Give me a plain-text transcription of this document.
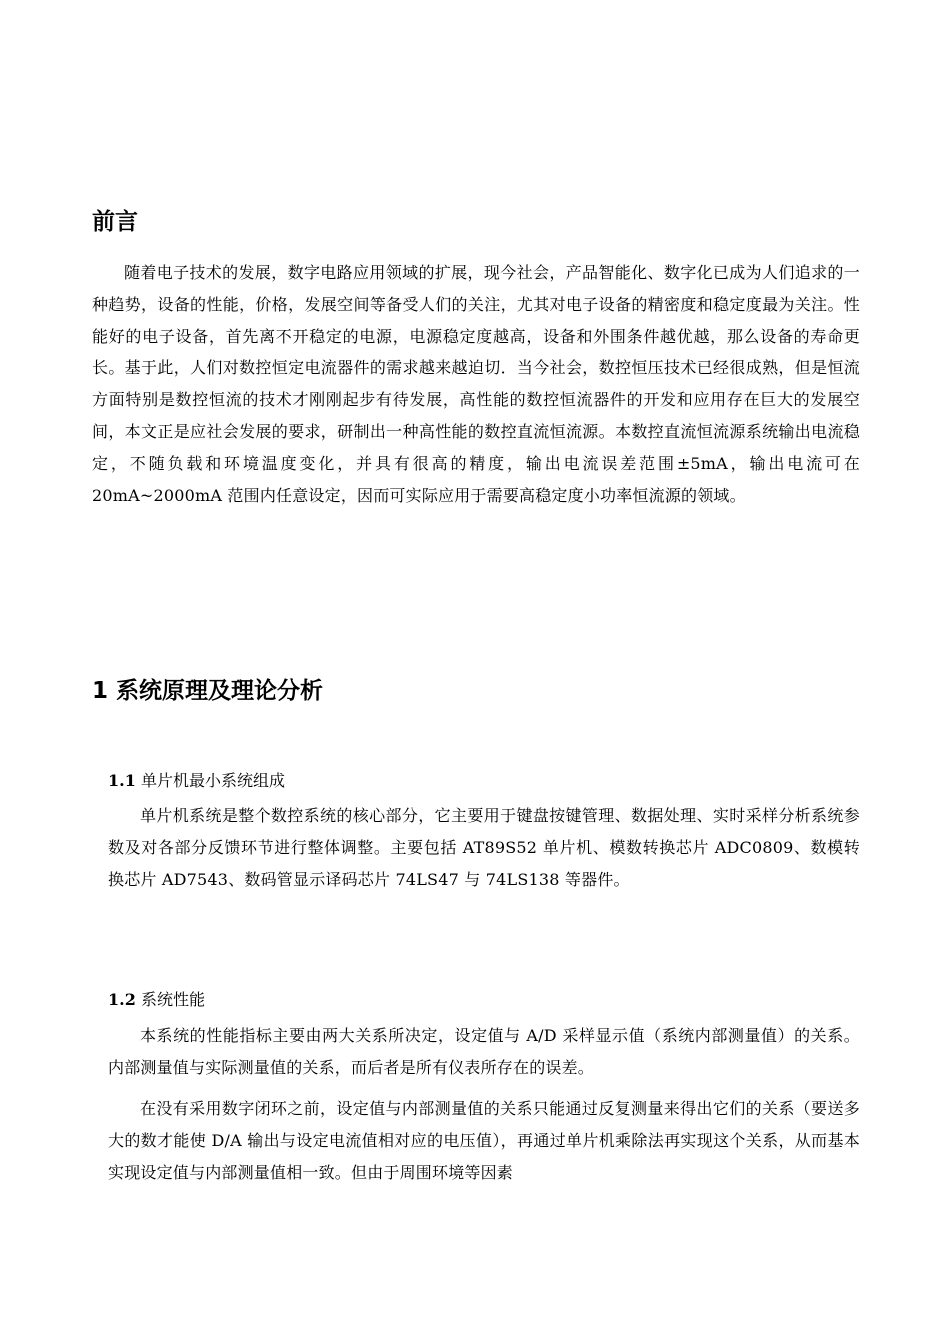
前言

随着电子技术的发展，数字电路应用领域的扩展，现今社会，产品智能化、数字化已成为人们追求的一种趋势，设备的性能，价格，发展空间等备受人们的关注，尤其对电子设备的精密度和稳定度最为关注。性能好的电子设备，首先离不开稳定的电源，电源稳定度越高，设备和外围条件越优越，那么设备的寿命更长。基于此，人们对数控恒定电流器件的需求越来越迫切．当今社会，数控恒压技术已经很成熟，但是恒流方面特别是数控恒流的技术才刚刚起步有待发展，高性能的数控恒流器件的开发和应用存在巨大的发展空间，本文正是应社会发展的要求，研制出一种高性能的数控直流恒流源。本数控直流恒流源系统输出电流稳定，不随负载和环境温度变化，并具有很高的精度，输出电流误差范围±5mA，输出电流可在20mA~2000mA 范围内任意设定，因而可实际应用于需要高稳定度小功率恒流源的领域。

1 系统原理及理论分析
1.1 单片机最小系统组成

单片机系统是整个数控系统的核心部分，它主要用于键盘按键管理、数据处理、实时采样分析系统参数及对各部分反馈环节进行整体调整。主要包括 AT89S52 单片机、模数转换芯片 ADC0809、数模转换芯片 AD7543、数码管显示译码芯片 74LS47 与 74LS138 等器件。

1.2 系统性能

本系统的性能指标主要由两大关系所决定，设定值与 A/D 采样显示值（系统内部测量值）的关系。内部测量值与实际测量值的关系，而后者是所有仪表所存在的误差。

在没有采用数字闭环之前，设定值与内部测量值的关系只能通过反复测量来得出它们的关系（要送多大的数才能使 D/A 输出与设定电流值相对应的电压值），再通过单片机乘除法再实现这个关系，从而基本实现设定值与内部测量值相一致。但由于周围环境等因素
